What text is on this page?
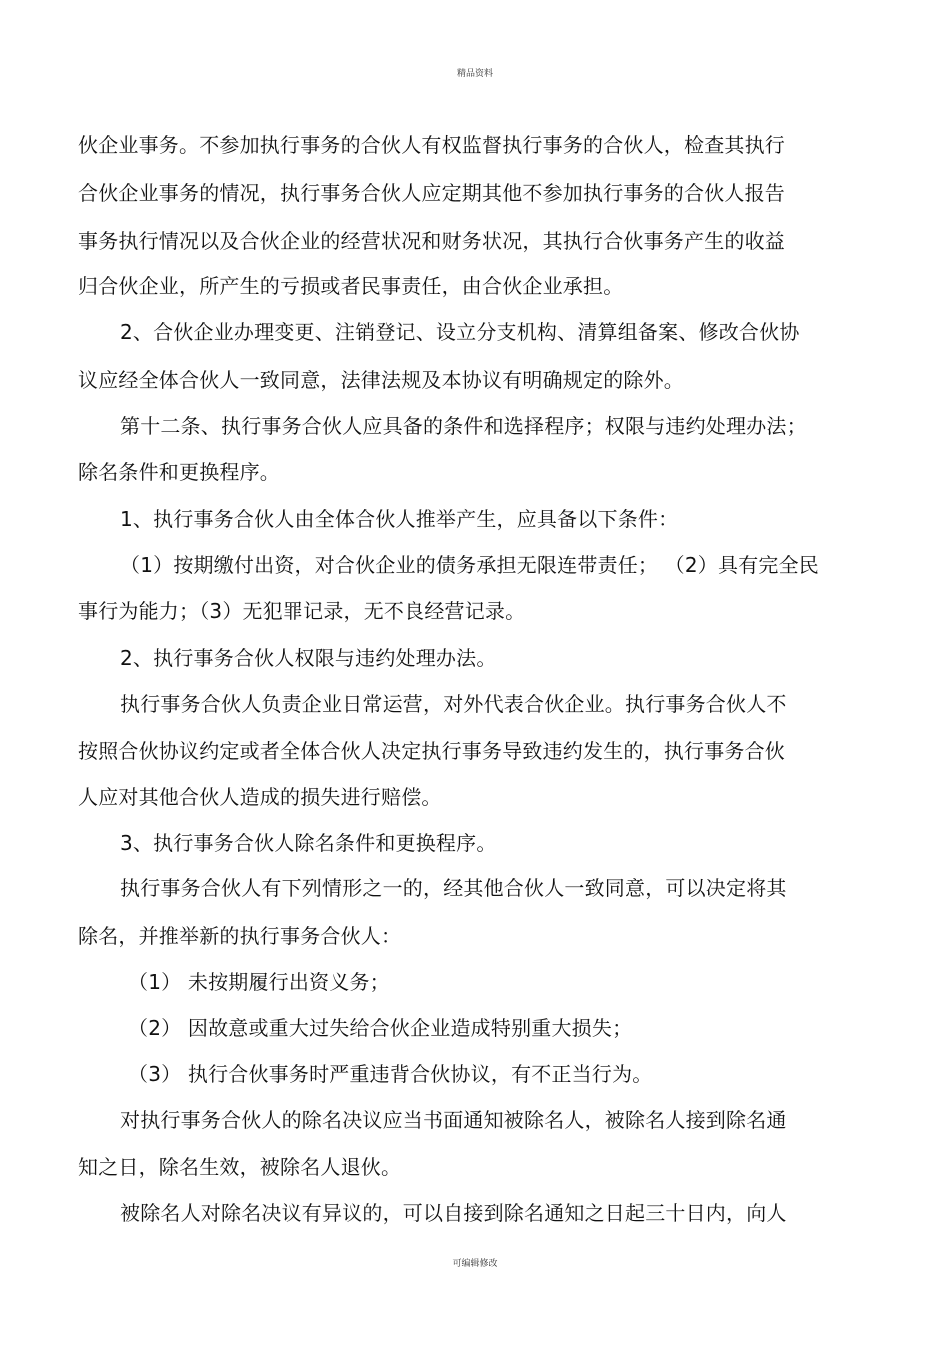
精品资料
伙企业事务。不参加执行事务的合伙人有权监督执行事务的合伙人，检查其执行
合伙企业事务的情况，执行事务合伙人应定期其他不参加执行事务的合伙人报告
事务执行情况以及合伙企业的经营状况和财务状况，其执行合伙事务产生的收益
归合伙企业，所产生的亏损或者民事责任，由合伙企业承担。
2、合伙企业办理变更、注销登记、设立分支机构、清算组备案、修改合伙协
议应经全体合伙人一致同意，法律法规及本协议有明确规定的除外。
第十二条、执行事务合伙人应具备的条件和选择程序；权限与违约处理办法；
除名条件和更换程序。
1、执行事务合伙人由全体合伙人推举产生，应具备以下条件：
（1）按期缴付出资，对合伙企业的债务承担无限连带责任； （2）具有完全民
事行为能力；（3）无犯罪记录，无不良经营记录。
2、执行事务合伙人权限与违约处理办法。
执行事务合伙人负责企业日常运营，对外代表合伙企业。执行事务合伙人不
按照合伙协议约定或者全体合伙人决定执行事务导致违约发生的，执行事务合伙
人应对其他合伙人造成的损失进行赔偿。
3、执行事务合伙人除名条件和更换程序。
执行事务合伙人有下列情形之一的，经其他合伙人一致同意，可以决定将其
除名，并推举新的执行事务合伙人：
（1） 未按期履行出资义务；
（2） 因故意或重大过失给合伙企业造成特别重大损失；
（3） 执行合伙事务时严重违背合伙协议，有不正当行为。
对执行事务合伙人的除名决议应当书面通知被除名人，被除名人接到除名通
知之日，除名生效，被除名人退伙。
被除名人对除名决议有异议的，可以自接到除名通知之日起三十日内，向人
可编辑修改
